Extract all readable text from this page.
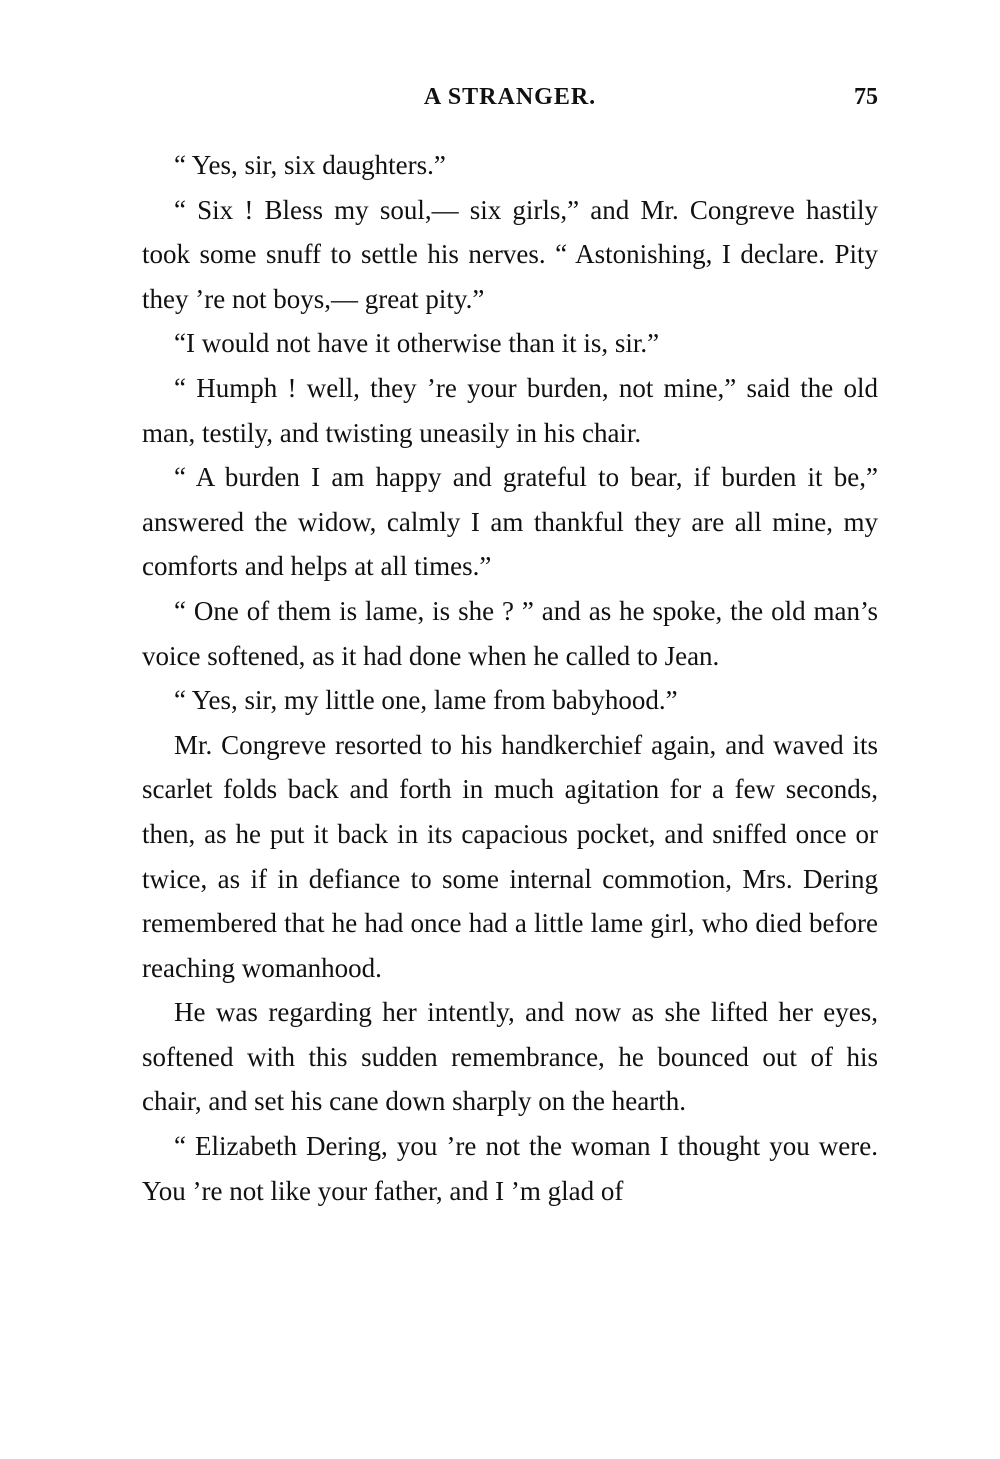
A STRANGER.	75

“ Yes, sir, six daughters.”

“ Six ! Bless my soul,— six girls,” and Mr. Congreve hastily took some snuff to settle his nerves. “ Astonishing, I declare. Pity they ’re not boys,— great pity.”

“I would not have it otherwise than it is, sir.”

“ Humph ! well, they ’re your burden, not mine,” said the old man, testily, and twisting uneasily in his chair.

“ A burden I am happy and grateful to bear, if burden it be,” answered the widow, calmly I am thankful they are all mine, my comforts and helps at all times.”

“ One of them is lame, is she ? ” and as he spoke, the old man’s voice softened, as it had done when he called to Jean.

“ Yes, sir, my little one, lame from babyhood.”

Mr. Congreve resorted to his handkerchief again, and waved its scarlet folds back and forth in much agitation for a few seconds, then, as he put it back in its capacious pocket, and sniffed once or twice, as if in defiance to some internal commotion, Mrs. Dering remembered that he had once had a little lame girl, who died before reaching womanhood.

He was regarding her intently, and now as she lifted her eyes, softened with this sudden remembrance, he bounced out of his chair, and set his cane down sharply on the hearth.

“ Elizabeth Dering, you ’re not the woman I thought you were. You ’re not like your father, and I ’m glad of
